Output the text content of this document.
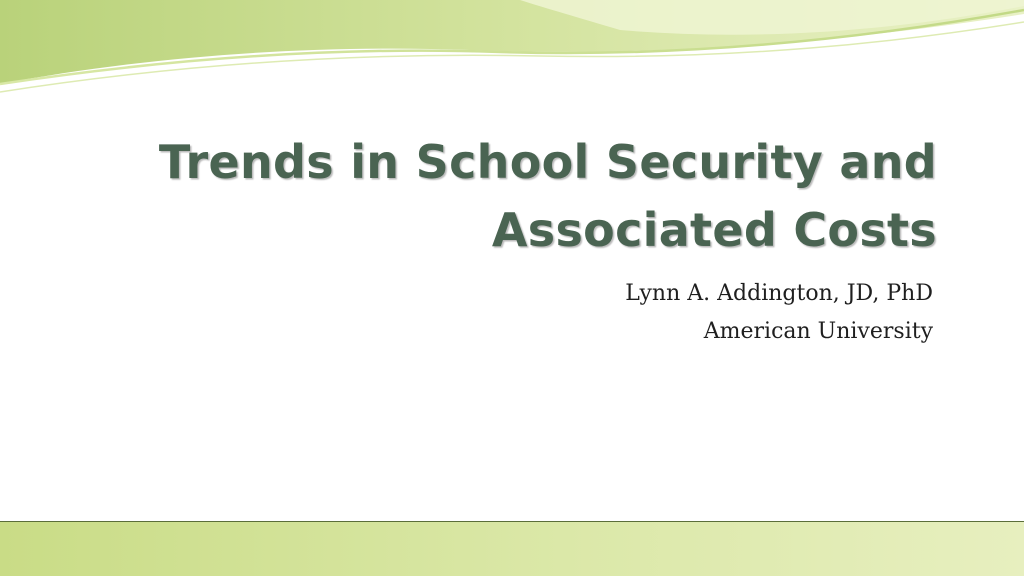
Trends in School Security and
Associated Costs
Lynn A. Addington, JD, PhD
American University
